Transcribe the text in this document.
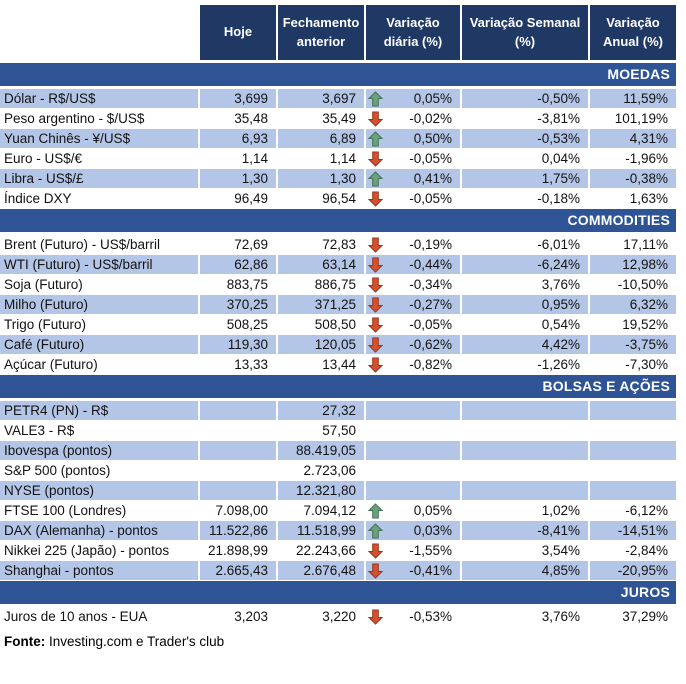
	Hoje	Fechamento anterior	Variação diária (%)	Variação Semanal (%)	Variação Anual (%)
MOEDAS					
Dólar - R$/US$	3,699	3,697	0,05%	-0,50%	11,59%
Peso argentino - $/US$	35,48	35,49	-0,02%	-3,81%	101,19%
Yuan Chinês - ¥/US$	6,93	6,89	0,50%	-0,53%	4,31%
Euro - US$/€	1,14	1,14	-0,05%	0,04%	-1,96%
Libra - US$/£	1,30	1,30	0,41%	1,75%	-0,38%
Índice DXY	96,49	96,54	-0,05%	-0,18%	1,63%
COMMODITIES					
Brent (Futuro) - US$/barril	72,69	72,83	-0,19%	-6,01%	17,11%
WTI (Futuro) - US$/barril	62,86	63,14	-0,44%	-6,24%	12,98%
Soja (Futuro)	883,75	886,75	-0,34%	3,76%	-10,50%
Milho (Futuro)	370,25	371,25	-0,27%	0,95%	6,32%
Trigo (Futuro)	508,25	508,50	-0,05%	0,54%	19,52%
Café (Futuro)	119,30	120,05	-0,62%	4,42%	-3,75%
Açúcar (Futuro)	13,33	13,44	-0,82%	-1,26%	-7,30%
BOLSAS E AÇÕES					
PETR4 (PN) - R$		27,32			
VALE3 - R$		57,50			
Ibovespa (pontos)		88.419,05			
S&P 500 (pontos)		2.723,06			
NYSE (pontos)		12.321,80			
FTSE 100 (Londres)	7.098,00	7.094,12	0,05%	1,02%	-6,12%
DAX (Alemanha) - pontos	11.522,86	11.518,99	0,03%	-8,41%	-14,51%
Nikkei 225 (Japão) - pontos	21.898,99	22.243,66	-1,55%	3,54%	-2,84%
Shanghai - pontos	2.665,43	2.676,48	-0,41%	4,85%	-20,95%
JUROS					
Juros de 10 anos - EUA	3,203	3,220	-0,53%	3,76%	37,29%
Fonte: Investing.com e Trader's club
